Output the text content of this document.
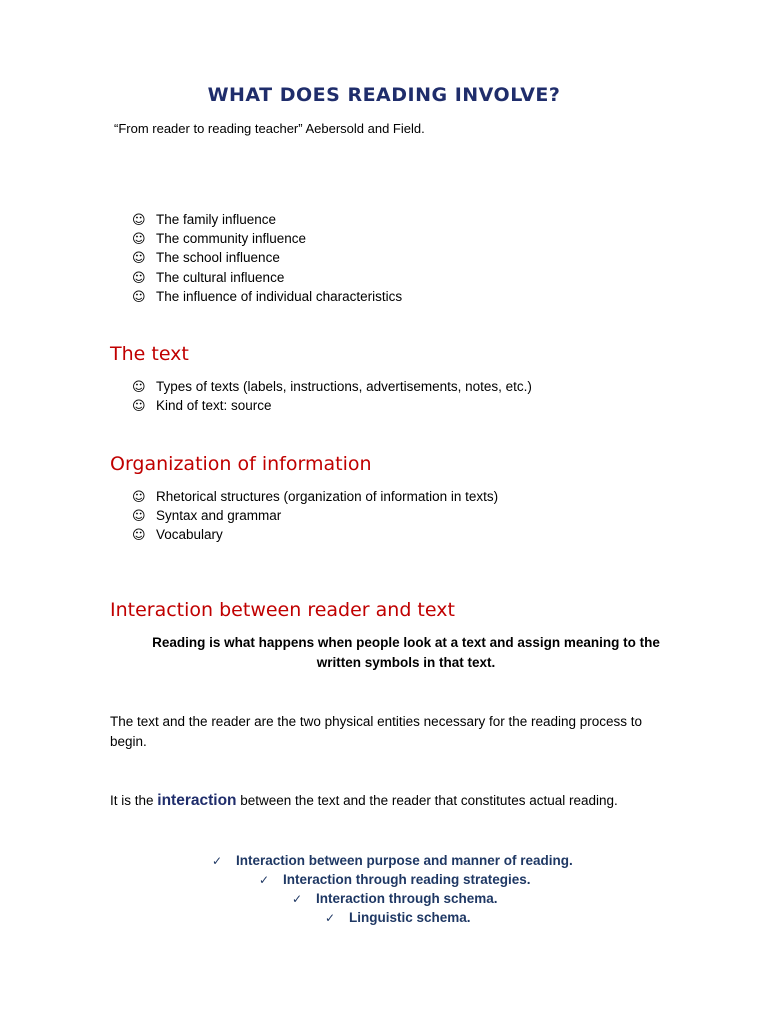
WHAT DOES READING INVOLVE?
“From reader to reading teacher” Aebersold and Field.
☺ The family influence
☺ The community influence
☺ The school influence
☺ The cultural influence
☺ The influence of individual characteristics
The text
☺ Types of texts (labels, instructions, advertisements, notes, etc.)
☺ Kind of text: source
Organization of information
☺ Rhetorical structures (organization of information in texts)
☺ Syntax and grammar
☺ Vocabulary
Interaction between reader and text
Reading is what happens when people look at a text and assign meaning to the written symbols in that text.
The text and the reader are the two physical entities necessary for the reading process to begin.
It is the interaction between the text and the reader that constitutes actual reading.
✓ Interaction between purpose and manner of reading.
✓ Interaction through reading strategies.
✓ Interaction through schema.
✓ Linguistic schema.
